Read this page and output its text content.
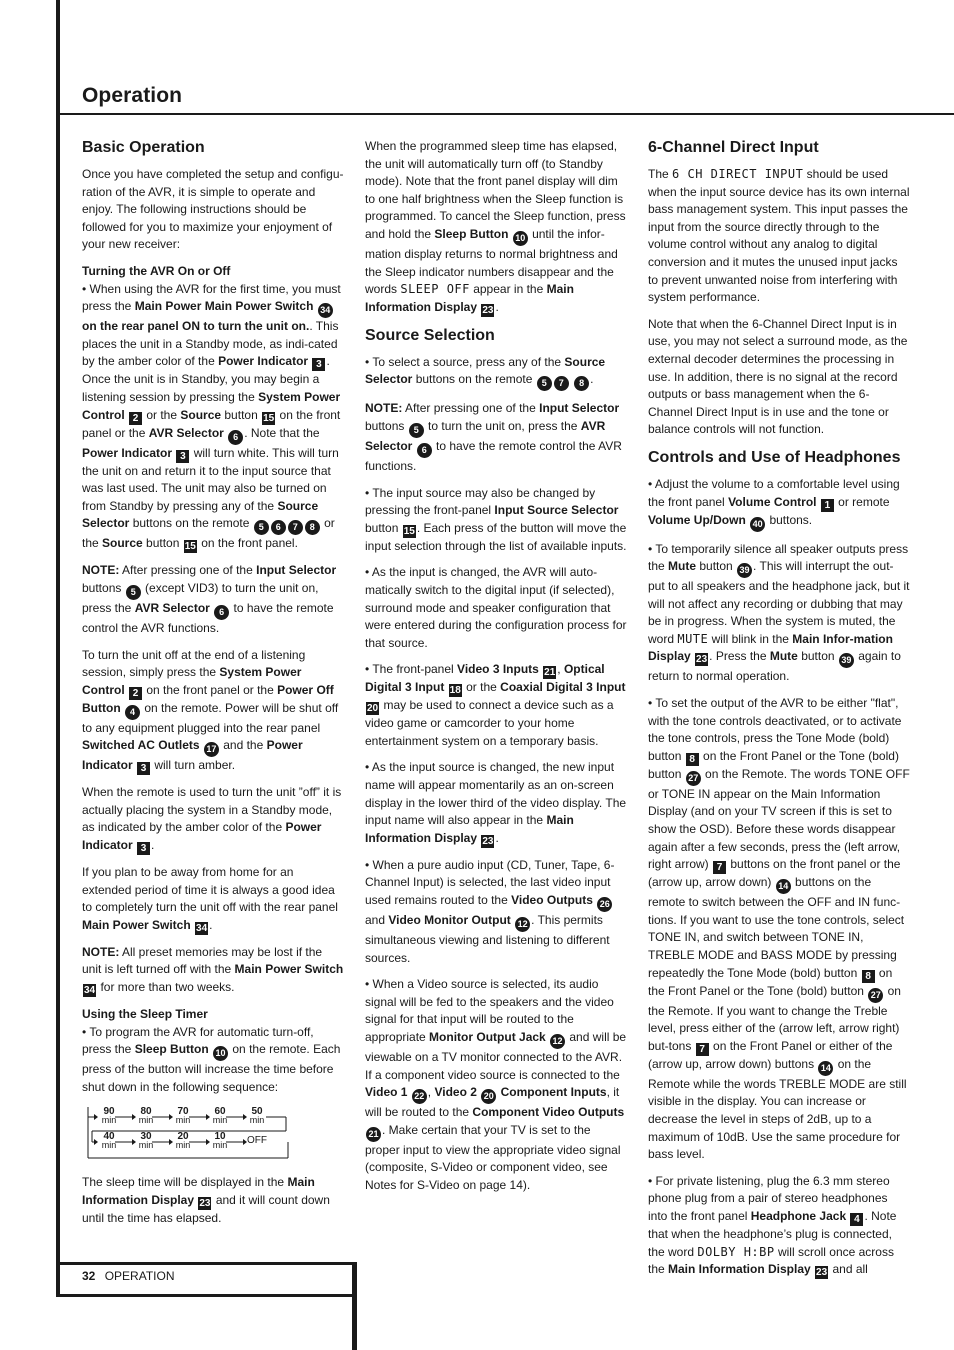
Operation
Basic Operation

Once you have completed the setup and configu-ration of the AVR, it is simple to operate and enjoy. The following instructions should be followed for you to maximize your enjoyment of your new receiver:

Turning the AVR On or Off
• When using the AVR for the first time, you must press the Main Power Main Power Switch 34 on the rear panel ON to turn the unit on.. This places the unit in a Standby mode, as indi-cated by the amber color of the Power Indicator 3 . Once the unit is in Standby, you may begin a listening session by pressing the System Power Control 2 or the Source button 15 on the front panel or the AVR Selector 6 . Note that the Power Indicator 3 will turn white. This will turn the unit on and return it to the input source that was last used. The unit may also be turned on from Standby by pressing any of the Source Selector buttons on the remote 5 6 7 8 or the Source button 15 on the front panel.

NOTE: After pressing one of the Input Selector buttons 5 (except VID3) to turn the unit on, press the AVR Selector 6 to have the remote control the AVR functions.

To turn the unit off at the end of a listening session, simply press the System Power Control 2 on the front panel or the Power Off Button 4 on the remote. Power will be shut off to any equipment plugged into the rear panel Switched AC Outlets 17 and the Power Indicator 3 will turn amber.

When the remote is used to turn the unit ”off” it is actually placing the system in a Standby mode, as indicated by the amber color of the Power Indicator 3 .

If you plan to be away from home for an extended period of time it is always a good idea to completely turn the unit off with the rear panel Main Power Switch 34 .

NOTE: All preset memories may be lost if the unit is left turned off with the Main Power Switch 34 for more than two weeks.

Using the Sleep Timer
• To program the AVR for automatic turn-off, press the Sleep Button 10 on the remote. Each press of the button will increase the time before shut down in the following sequence:

90
min
80
min
70
min
60
min
50
min
40
min
30
min
20
min
10
min	OFF

The sleep time will be displayed in the Main Information Display 23 and it will count down until the time has elapsed.

When the programmed sleep time has elapsed, the unit will automatically turn off (to Standby mode). Note that the front panel display will dim to one half brightness when the Sleep function is programmed. To cancel the Sleep function, press and hold the Sleep Button 10 until the infor-mation display returns to normal brightness and the Sleep indicator numbers disappear and the words SLEEP OFF appear in the Main Information Display 23 .

Source Selection

• To select a source, press any of the Source Selector buttons on the remote 5 7 8 .

NOTE: After pressing one of the Input Selector buttons 5 to turn the unit on, press the AVR Selector 6 to have the remote control the AVR functions.

• The input source may also be changed by pressing the front-panel Input Source Selector button 15 . Each press of the button will move the input selection through the list of available inputs.

• As the input is changed, the AVR will auto-matically switch to the digital input (if selected), surround mode and speaker configuration that were entered during the configuration process for that source.

• The front-panel Video 3 Inputs 21 , Optical Digital 3 Input 18 or the Coaxial Digital 3 Input 20 may be used to connect a device such as a video game or camcorder to your home entertainment system on a temporary basis.

• As the input source is changed, the new input name will appear momentarily as an on-screen display in the lower third of the video display. The input name will also appear in the Main Information Display 23 .

• When a pure audio input (CD, Tuner, Tape, 6-Channel Input) is selected, the last video input used remains routed to the Video Outputs 26 and Video Monitor Output 12 . This permits simultaneous viewing and listening to different sources.

• When a Video source is selected, its audio signal will be fed to the speakers and the video signal for that input will be routed to the appropriate Monitor Output Jack 12 and will be viewable on a TV monitor connected to the AVR. If a component video source is connected to the Video 1 22 , Video 2 20 Component Inputs, it will be routed to the Component Video Outputs 21 . Make certain that your TV is set to the proper input to view the appropriate video signal (composite, S-Video or component video, see Notes for S-Video on page 14).

6-Channel Direct Input

The 6 CH DIRECT INPUT should be used when the input source device has its own internal bass management system. This input passes the input from the source directly through to the volume control without any analog to digital conversion and it mutes the unused input jacks to prevent unwanted noise from interfering with system performance.

Note that when the 6-Channel Direct Input is in use, you may not select a surround mode, as the external decoder determines the processing in use. In addition, there is no signal at the record outputs or bass management when the 6-Channel Direct Input is in use and the tone or balance controls will not function.

Controls and Use of Headphones

• Adjust the volume to a comfortable level using the front panel Volume Control 1 or remote Volume Up/Down 40 buttons.

• To temporarily silence all speaker outputs press the Mute button 39 . This will interrupt the out-put to all speakers and the headphone jack, but it will not affect any recording or dubbing that may be in progress. When the system is muted, the word MUTE will blink in the Main Infor-mation Display 23 . Press the Mute button 39 again to return to normal operation.

• To set the output of the AVR to be either "flat", with the tone controls deactivated, or to activate the tone controls, press the Tone Mode (bold) button 8 on the Front Panel or the Tone (bold) button 27 on the Remote. The words TONE OFF or TONE IN appear on the Main Information Display (and on your TV screen if this is set to show the OSD). Before these words disappear again after a few seconds, press the (left arrow, right arrow) 7 buttons on the front panel or the (arrow up, arrow down) 14 buttons on the remote to switch between the OFF and IN func-tions. If you want to use the tone controls, select TONE IN, and switch between TONE IN, TREBLE MODE and BASS MODE by pressing repeatedly the Tone Mode (bold) button 8 on the Front Panel or the Tone (bold) button 27 on the Remote. If you want to change the Treble level, press either of the (arrow left, arrow right) but-tons 7 on the Front Panel or either of the (arrow up, arrow down) buttons 14 on the Remote while the words TREBLE MODE are still visible in the display. You can increase or decrease the level in steps of 2dB, up to a maximum of 10dB. Use the same procedure for bass level.

• For private listening, plug the 6.3 mm stereo phone plug from a pair of stereo headphones into the front panel Headphone Jack 4 . Note that when the headphone’s plug is connected, the word DOLBY H:BP will scroll once across the Main Information Display 23 and all

32 OPERATION
